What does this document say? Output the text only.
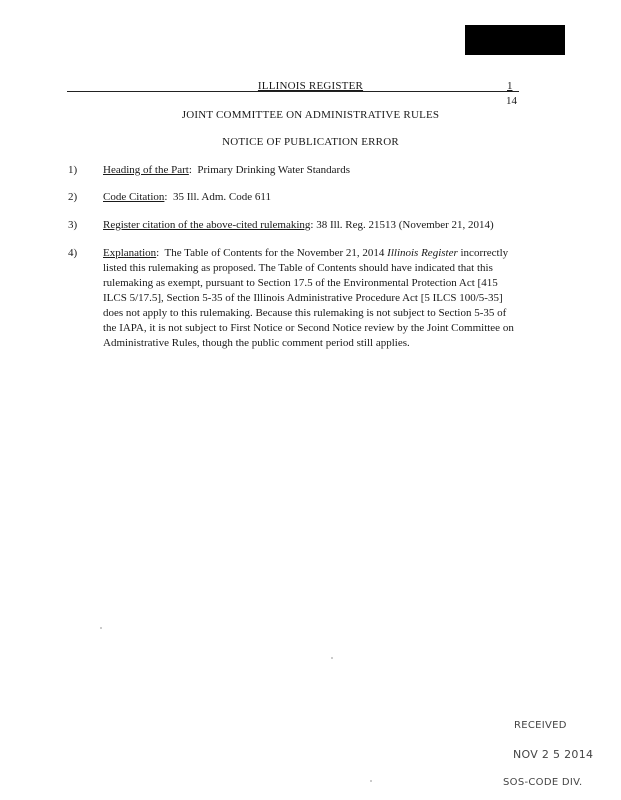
ILLINOIS REGISTER	1
14
JOINT COMMITTEE ON ADMINISTRATIVE RULES
NOTICE OF PUBLICATION ERROR
1) Heading of the Part:  Primary Drinking Water Standards
2) Code Citation:  35 Ill. Adm. Code 611
3) Register citation of the above-cited rulemaking: 38 Ill. Reg. 21513 (November 21, 2014)
4) Explanation:  The Table of Contents for the November 21, 2014 Illinois Register incorrectly listed this rulemaking as proposed. The Table of Contents should have indicated that this rulemaking as exempt, pursuant to Section 17.5 of the Environmental Protection Act [415 ILCS 5/17.5], Section 5-35 of the Illinois Administrative Procedure Act [5 ILCS 100/5-35] does not apply to this rulemaking. Because this rulemaking is not subject to Section 5-35 of the IAPA, it is not subject to First Notice or Second Notice review by the Joint Committee on Administrative Rules, though the public comment period still applies.
RECEIVED
NOV 2 5 2014
SOS-CODE DIV.
